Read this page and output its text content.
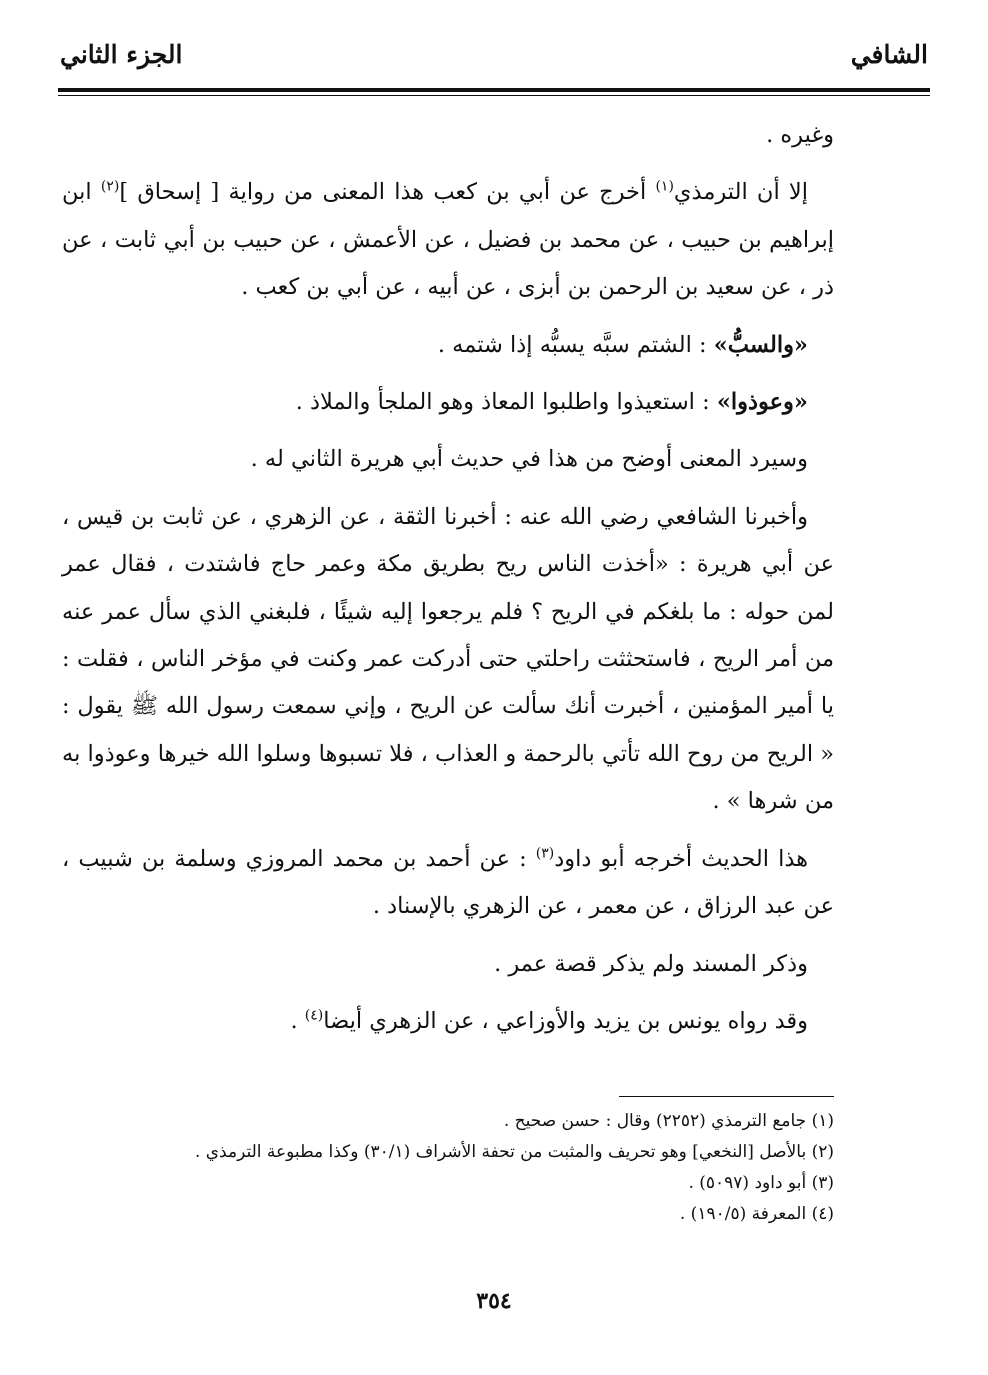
الشافي
الجزء الثاني

وغيره .

إلا أن الترمذي$^{(١)}$ أخرج عن أبي بن كعب هذا المعنى من رواية [ إسحاق ]$^{(٢)}$ ابن إبراهيم بن حبيب ، عن محمد بن فضيل ، عن الأعمش ، عن حبيب بن أبي ثابت ، عن ذر ، عن سعيد بن الرحمن بن أبزى ، عن أبيه ، عن أبي بن كعب .

«والسبُّ» : الشتم سبَّه يسبُّه إذا شتمه .

«وعوذوا» : استعيذوا واطلبوا المعاذ وهو الملجأ والملاذ .

وسيرد المعنى أوضح من هذا في حديث أبي هريرة الثاني له .

وأخبرنا الشافعي رضي الله عنه : أخبرنا الثقة ، عن الزهري ، عن ثابت بن قيس ، عن أبي هريرة : «أخذت الناس ريح بطريق مكة وعمر حاج فاشتدت ، فقال عمر لمن حوله : ما بلغكم في الريح ؟ فلم يرجعوا إليه شيئًا ، فلبغني الذي سأل عمر عنه من أمر الريح ، فاستحثثت راحلتي حتى أدركت عمر وكنت في مؤخر الناس ، فقلت : يا أمير المؤمنين ، أخبرت أنك سألت عن الريح ، وإني سمعت رسول الله ﷺ يقول : « الريح من روح الله تأتي بالرحمة و العذاب ، فلا تسبوها وسلوا الله خيرها وعوذوا به من شرها » .

هذا الحديث أخرجه أبو داود$^{(٣)}$ : عن أحمد بن محمد المروزي وسلمة بن شبيب ، عن عبد الرزاق ، عن معمر ، عن الزهري بالإسناد .

وذكر المسند ولم يذكر قصة عمر .

وقد رواه يونس بن يزيد والأوزاعي ، عن الزهري أيضا$^{(٤)}$ .

(١) جامع الترمذي (٢٢٥٢) وقال : حسن صحيح .
(٢) بالأصل [النخعي] وهو تحريف والمثبت من تحفة الأشراف (٣٠/١) وكذا مطبوعة الترمذي .
(٣) أبو داود (٥٠٩٧) .
(٤) المعرفة (١٩٠/٥) .
٣٥٤
